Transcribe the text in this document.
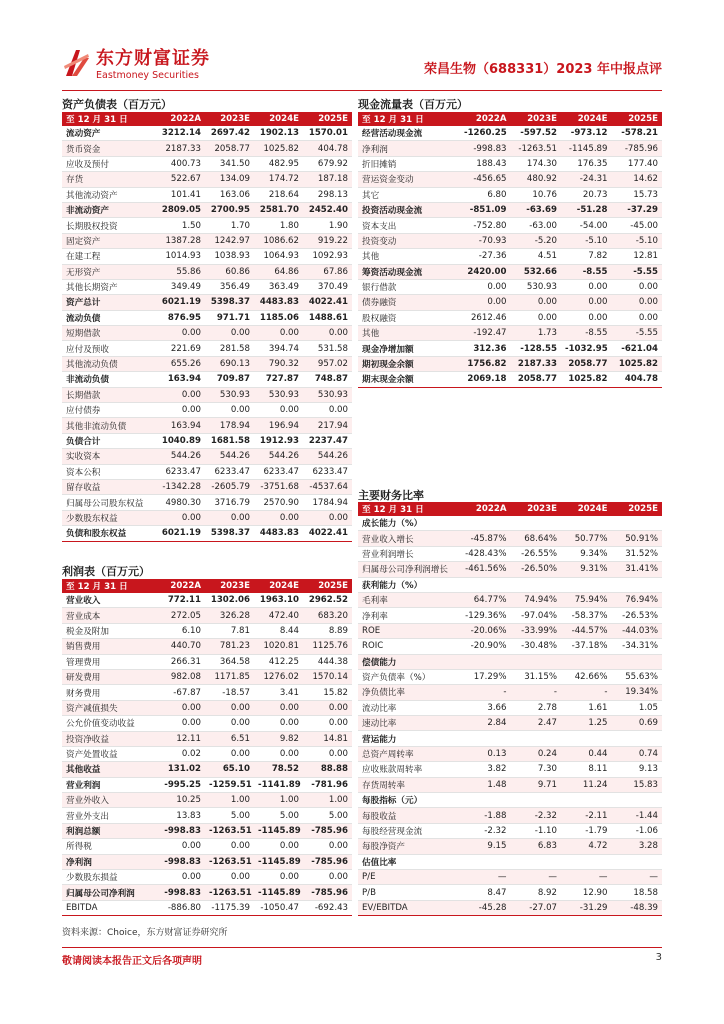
东方财富证券
Eastmoney Securities	荣昌生物（688331）2023 年中报点评
资产负债表（百万元）
至 12 月 31 日	2022A	2023E	2024E	2025E
流动资产	3212.14	2697.42	1902.13	1570.01
货币资金	2187.33	2058.77	1025.82	404.78
应收及预付	400.73	341.50	482.95	679.92
存货	522.67	134.09	174.72	187.18
其他流动资产	101.41	163.06	218.64	298.13
非流动资产	2809.05	2700.95	2581.70	2452.40
长期股权投资	1.50	1.70	1.80	1.90
固定资产	1387.28	1242.97	1086.62	919.22
在建工程	1014.93	1038.93	1064.93	1092.93
无形资产	55.86	60.86	64.86	67.86
其他长期资产	349.49	356.49	363.49	370.49
资产总计	6021.19	5398.37	4483.83	4022.41
流动负债	876.95	971.71	1185.06	1488.61
短期借款	0.00	0.00	0.00	0.00
应付及预收	221.69	281.58	394.74	531.58
其他流动负债	655.26	690.13	790.32	957.02
非流动负债	163.94	709.87	727.87	748.87
长期借款	0.00	530.93	530.93	530.93
应付债券	0.00	0.00	0.00	0.00
其他非流动负债	163.94	178.94	196.94	217.94
负债合计	1040.89	1681.58	1912.93	2237.47
实收资本	544.26	544.26	544.26	544.26
资本公积	6233.47	6233.47	6233.47	6233.47
留存收益	-1342.28	-2605.79	-3751.68	-4537.64
归属母公司股东权益	4980.30	3716.79	2570.90	1784.94
少数股东权益	0.00	0.00	0.00	0.00
负债和股东权益	6021.19	5398.37	4483.83	4022.41
现金流量表（百万元）
至 12 月 31 日	2022A	2023E	2024E	2025E
经营活动现金流	-1260.25	-597.52	-973.12	-578.21
净利润	-998.83	-1263.51	-1145.89	-785.96
折旧摊销	188.43	174.30	176.35	177.40
营运资金变动	-456.65	480.92	-24.31	14.62
其它	6.80	10.76	20.73	15.73
投资活动现金流	-851.09	-63.69	-51.28	-37.29
资本支出	-752.80	-63.00	-54.00	-45.00
投资变动	-70.93	-5.20	-5.10	-5.10
其他	-27.36	4.51	7.82	12.81
筹资活动现金流	2420.00	532.66	-8.55	-5.55
银行借款	0.00	530.93	0.00	0.00
债券融资	0.00	0.00	0.00	0.00
股权融资	2612.46	0.00	0.00	0.00
其他	-192.47	1.73	-8.55	-5.55
现金净增加额	312.36	-128.55	-1032.95	-621.04
期初现金余额	1756.82	2187.33	2058.77	1025.82
期末现金余额	2069.18	2058.77	1025.82	404.78
利润表（百万元）
至 12 月 31 日	2022A	2023E	2024E	2025E
营业收入	772.11	1302.06	1963.10	2962.52
营业成本	272.05	326.28	472.40	683.20
税金及附加	6.10	7.81	8.44	8.89
销售费用	440.70	781.23	1020.81	1125.76
管理费用	266.31	364.58	412.25	444.38
研发费用	982.08	1171.85	1276.02	1570.14
财务费用	-67.87	-18.57	3.41	15.82
资产减值损失	0.00	0.00	0.00	0.00
公允价值变动收益	0.00	0.00	0.00	0.00
投资净收益	12.11	6.51	9.82	14.81
资产处置收益	0.02	0.00	0.00	0.00
其他收益	131.02	65.10	78.52	88.88
营业利润	-995.25	-1259.51	-1141.89	-781.96
营业外收入	10.25	1.00	1.00	1.00
营业外支出	13.83	5.00	5.00	5.00
利润总额	-998.83	-1263.51	-1145.89	-785.96
所得税	0.00	0.00	0.00	0.00
净利润	-998.83	-1263.51	-1145.89	-785.96
少数股东损益	0.00	0.00	0.00	0.00
归属母公司净利润	-998.83	-1263.51	-1145.89	-785.96
EBITDA	-886.80	-1175.39	-1050.47	-692.43
主要财务比率
至 12 月 31 日	2022A	2023E	2024E	2025E
成长能力（%）				
营业收入增长	-45.87%	68.64%	50.77%	50.91%
营业利润增长	-428.43%	-26.55%	9.34%	31.52%
归属母公司净利润增长	-461.56%	-26.50%	9.31%	31.41%
获利能力（%）				
毛利率	64.77%	74.94%	75.94%	76.94%
净利率	-129.36%	-97.04%	-58.37%	-26.53%
ROE	-20.06%	-33.99%	-44.57%	-44.03%
ROIC	-20.90%	-30.48%	-37.18%	-34.31%
偿债能力				
资产负债率（%）	17.29%	31.15%	42.66%	55.63%
净负债比率	-	-	-	19.34%
流动比率	3.66	2.78	1.61	1.05
速动比率	2.84	2.47	1.25	0.69
营运能力				
总资产周转率	0.13	0.24	0.44	0.74
应收账款周转率	3.82	7.30	8.11	9.13
存货周转率	1.48	9.71	11.24	15.83
每股指标（元）				
每股收益	-1.88	-2.32	-2.11	-1.44
每股经营现金流	-2.32	-1.10	-1.79	-1.06
每股净资产	9.15	6.83	4.72	3.28
估值比率				
P/E	—	—	—	—
P/B	8.47	8.92	12.90	18.58
EV/EBITDA	-45.28	-27.07	-31.29	-48.39
资料来源：Choice，东方财富证券研究所
敬请阅读本报告正文后各项声明	3
